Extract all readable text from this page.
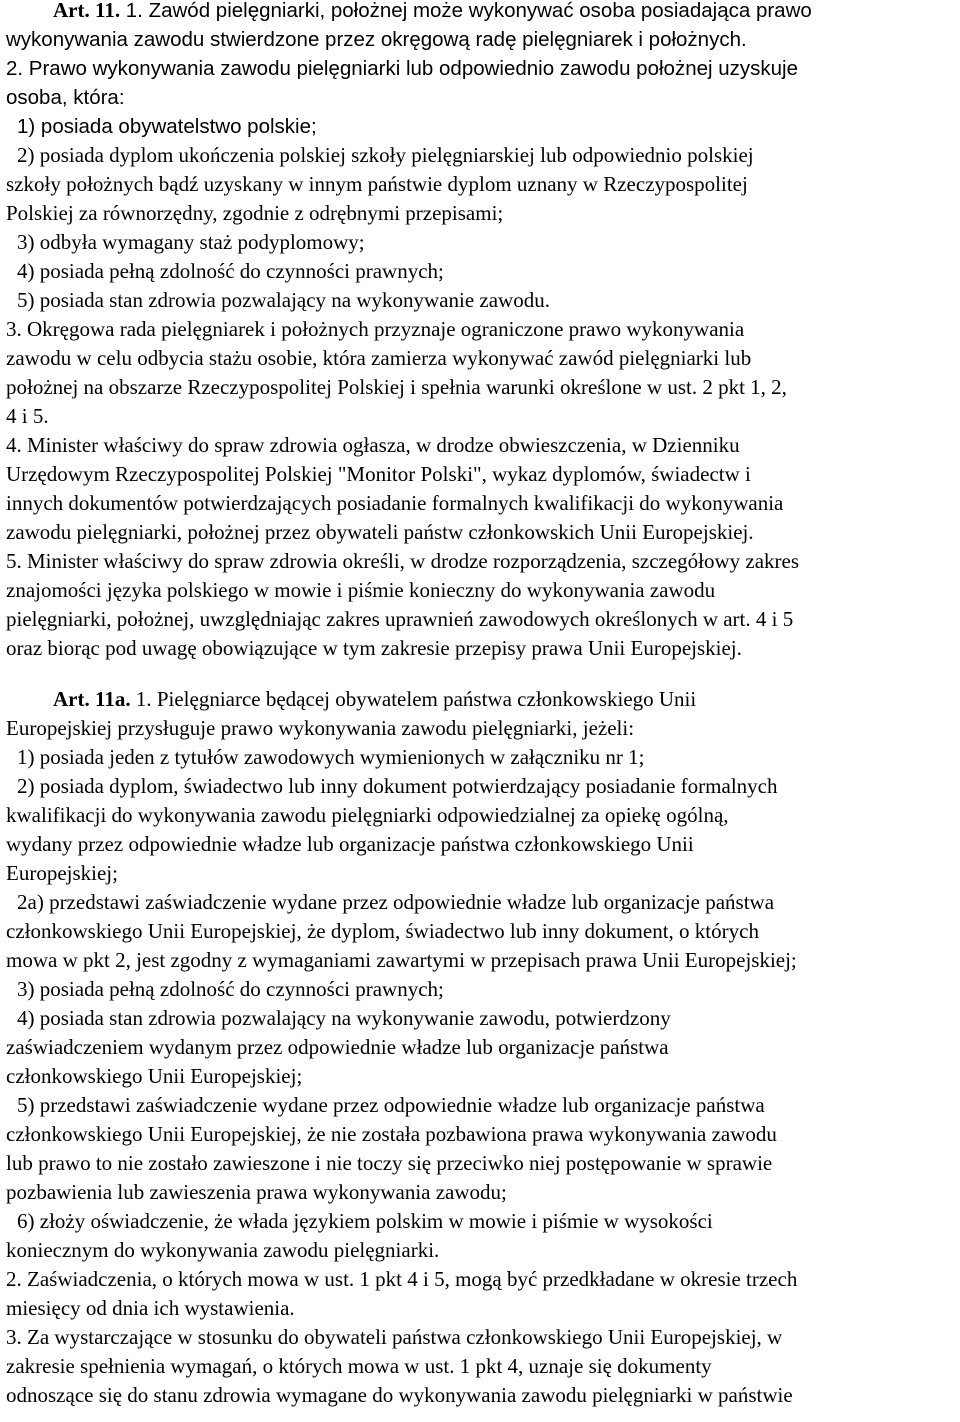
Art. 11. 1. Zawód pielęgniarki, położnej może wykonywać osoba posiadająca prawo
wykonywania zawodu stwierdzone przez okręgową radę pielęgniarek i położnych.
2. Prawo wykonywania zawodu pielęgniarki lub odpowiednio zawodu położnej uzyskuje
osoba, która:
1) posiada obywatelstwo polskie;
2) posiada dyplom ukończenia polskiej szkoły pielęgniarskiej lub odpowiednio polskiej
szkoły położnych bądź uzyskany w innym państwie dyplom uznany w Rzeczypospolitej
Polskiej za równorzędny, zgodnie z odrębnymi przepisami;
3) odbyła wymagany staż podyplomowy;
4) posiada pełną zdolność do czynności prawnych;
5) posiada stan zdrowia pozwalający na wykonywanie zawodu.
3. Okręgowa rada pielęgniarek i położnych przyznaje ograniczone prawo wykonywania
zawodu w celu odbycia stażu osobie, która zamierza wykonywać zawód pielęgniarki lub
położnej na obszarze Rzeczypospolitej Polskiej i spełnia warunki określone w ust. 2 pkt 1, 2,
4 i 5.
4. Minister właściwy do spraw zdrowia ogłasza, w drodze obwieszczenia, w Dzienniku
Urzędowym Rzeczypospolitej Polskiej "Monitor Polski", wykaz dyplomów, świadectw i
innych dokumentów potwierdzających posiadanie formalnych kwalifikacji do wykonywania
zawodu pielęgniarki, położnej przez obywateli państw członkowskich Unii Europejskiej.
5. Minister właściwy do spraw zdrowia określi, w drodze rozporządzenia, szczegółowy zakres
znajomości języka polskiego w mowie i piśmie konieczny do wykonywania zawodu
pielęgniarki, położnej, uwzględniając zakres uprawnień zawodowych określonych w art. 4 i 5
oraz biorąc pod uwagę obowiązujące w tym zakresie przepisy prawa Unii Europejskiej.
Art. 11a. 1. Pielęgniarce będącej obywatelem państwa członkowskiego Unii
Europejskiej przysługuje prawo wykonywania zawodu pielęgniarki, jeżeli:
1) posiada jeden z tytułów zawodowych wymienionych w załączniku nr 1;
2) posiada dyplom, świadectwo lub inny dokument potwierdzający posiadanie formalnych
kwalifikacji do wykonywania zawodu pielęgniarki odpowiedzialnej za opiekę ogólną,
wydany przez odpowiednie władze lub organizacje państwa członkowskiego Unii
Europejskiej;
2a) przedstawi zaświadczenie wydane przez odpowiednie władze lub organizacje państwa
członkowskiego Unii Europejskiej, że dyplom, świadectwo lub inny dokument, o których
mowa w pkt 2, jest zgodny z wymaganiami zawartymi w przepisach prawa Unii Europejskiej;
3) posiada pełną zdolność do czynności prawnych;
4) posiada stan zdrowia pozwalający na wykonywanie zawodu, potwierdzony
zaświadczeniem wydanym przez odpowiednie władze lub organizacje państwa
członkowskiego Unii Europejskiej;
5) przedstawi zaświadczenie wydane przez odpowiednie władze lub organizacje państwa
członkowskiego Unii Europejskiej, że nie została pozbawiona prawa wykonywania zawodu
lub prawo to nie zostało zawieszone i nie toczy się przeciwko niej postępowanie w sprawie
pozbawienia lub zawieszenia prawa wykonywania zawodu;
6) złoży oświadczenie, że włada językiem polskim w mowie i piśmie w wysokości
koniecznym do wykonywania zawodu pielęgniarki.
2. Zaświadczenia, o których mowa w ust. 1 pkt 4 i 5, mogą być przedkładane w okresie trzech
miesięcy od dnia ich wystawienia.
3. Za wystarczające w stosunku do obywateli państwa członkowskiego Unii Europejskiej, w
zakresie spełnienia wymagań, o których mowa w ust. 1 pkt 4, uznaje się dokumenty
odnoszące się do stanu zdrowia wymagane do wykonywania zawodu pielęgniarki w państwie
